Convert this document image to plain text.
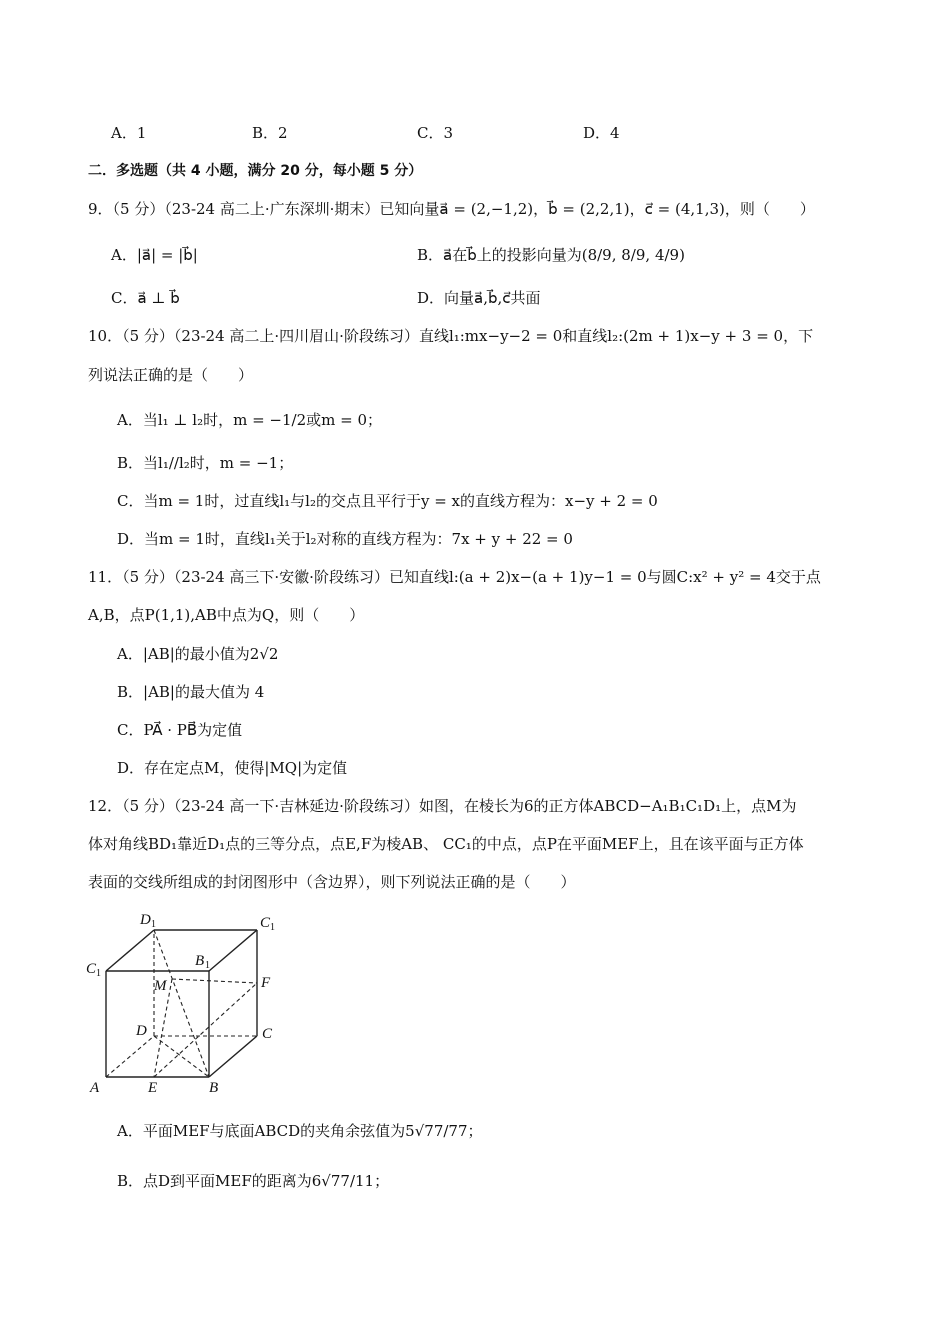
A．1	B．2	C．3	D．4
二．多选题（共 4 小题，满分 20 分，每小题 5 分）
9．（5 分）（23-24 高二上·广东深圳·期末）已知向量a⃗ = (2,−1,2)，b⃗ = (2,2,1)，c⃗ = (4,1,3)，则（　　）
A．|a⃗| = |b⃗|	B．a⃗在b⃗上的投影向量为(8/9, 8/9, 4/9)
C．a⃗ ⊥ b⃗	D．向量a⃗,b⃗,c⃗共面
10．（5 分）（23-24 高二上·四川眉山·阶段练习）直线l₁:mx−y−2 = 0和直线l₂:(2m + 1)x−y + 3 = 0，下
列说法正确的是（　　）
A．当l₁ ⊥ l₂时，m = −1/2或m = 0；
B．当l₁//l₂时，m = −1；
C．当m = 1时，过直线l₁与l₂的交点且平行于y = x的直线方程为：x−y + 2 = 0
D．当m = 1时，直线l₁关于l₂对称的直线方程为：7x + y + 22 = 0
11．（5 分）（23-24 高三下·安徽·阶段练习）已知直线l:(a + 2)x−(a + 1)y−1 = 0与圆C:x² + y² = 4交于点
A,B，点P(1,1),AB中点为Q，则（　　）
A．|AB|的最小值为2√2
B．|AB|的最大值为 4
C．PA⃗ · PB⃗为定值
D．存在定点M，使得|MQ|为定值
12．（5 分）（23-24 高一下·吉林延边·阶段练习）如图，在棱长为6的正方体ABCD−A₁B₁C₁D₁上，点M为
体对角线BD₁靠近D₁点的三等分点，点E,F为棱AB、 CC₁的中点，点P在平面MEF上，且在该平面与正方体
表面的交线所组成的封闭图形中（含边界），则下列说法正确的是（　　）
D 1	C 1
C 1
B 1
M	F
D	C
A	E	B
A．平面MEF与底面ABCD的夹角余弦值为5√77/77；
B．点D到平面MEF的距离为6√77/11；
